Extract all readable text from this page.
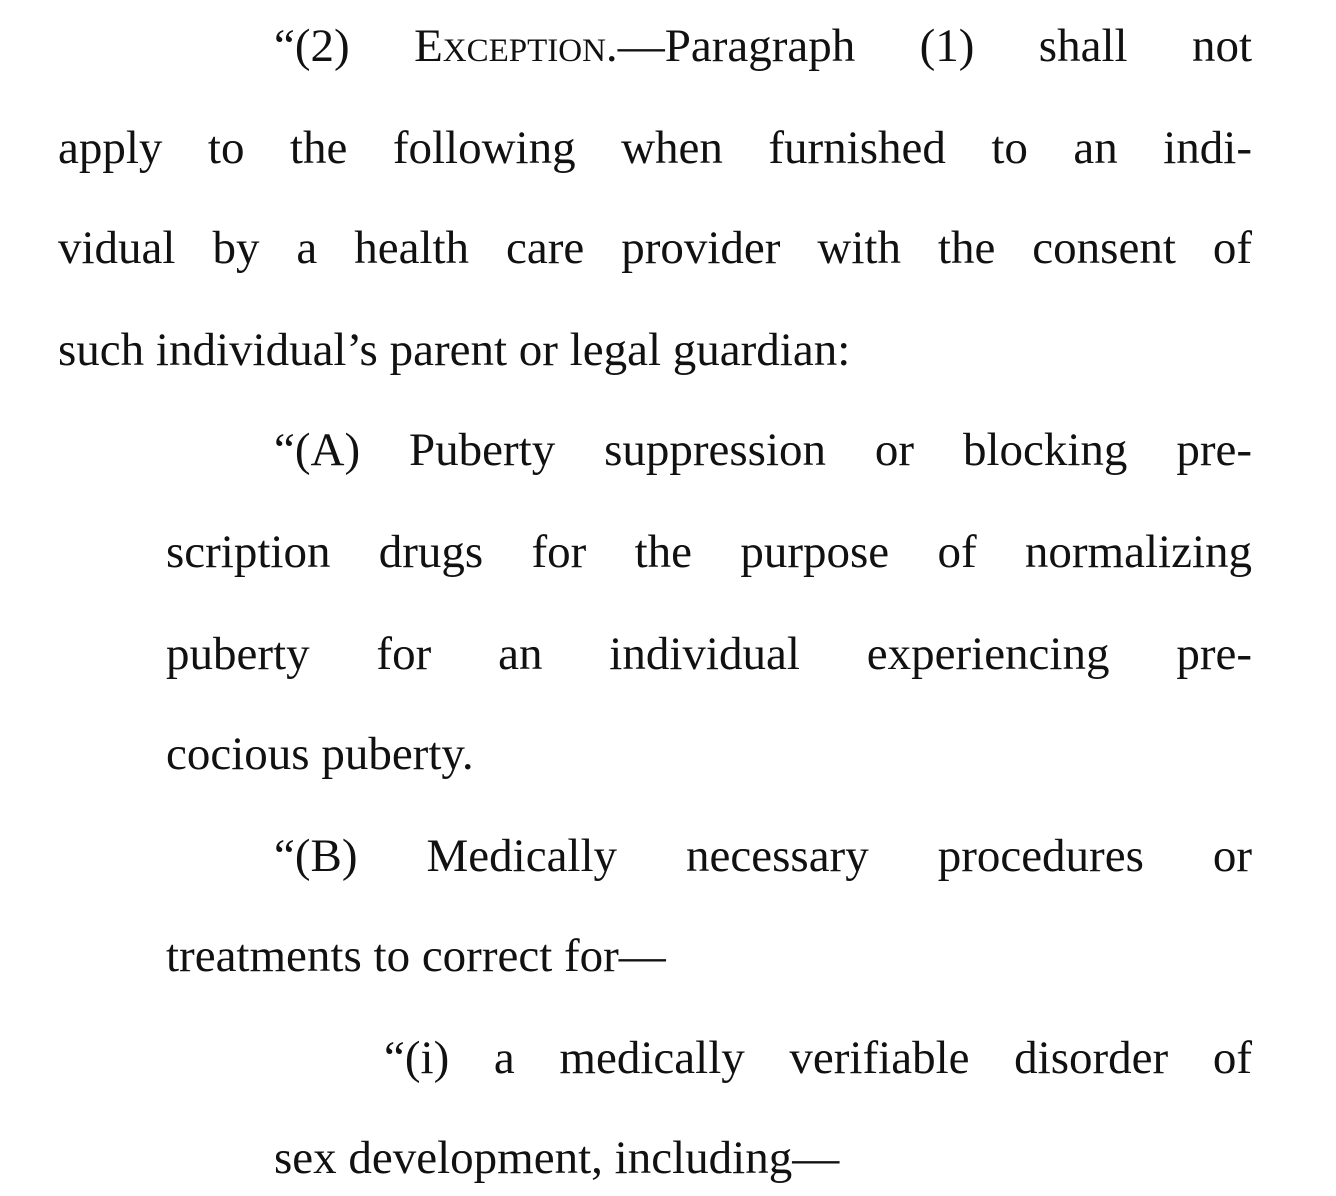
“(2) Exception.—Paragraph (1) shall not
apply to the following when furnished to an indi-
vidual by a health care provider with the consent of
such individual’s parent or legal guardian:
“(A) Puberty suppression or blocking pre-
scription drugs for the purpose of normalizing
puberty for an individual experiencing pre-
cocious puberty.
“(B) Medically necessary procedures or
treatments to correct for—
“(i) a medically verifiable disorder of
sex development, including—
